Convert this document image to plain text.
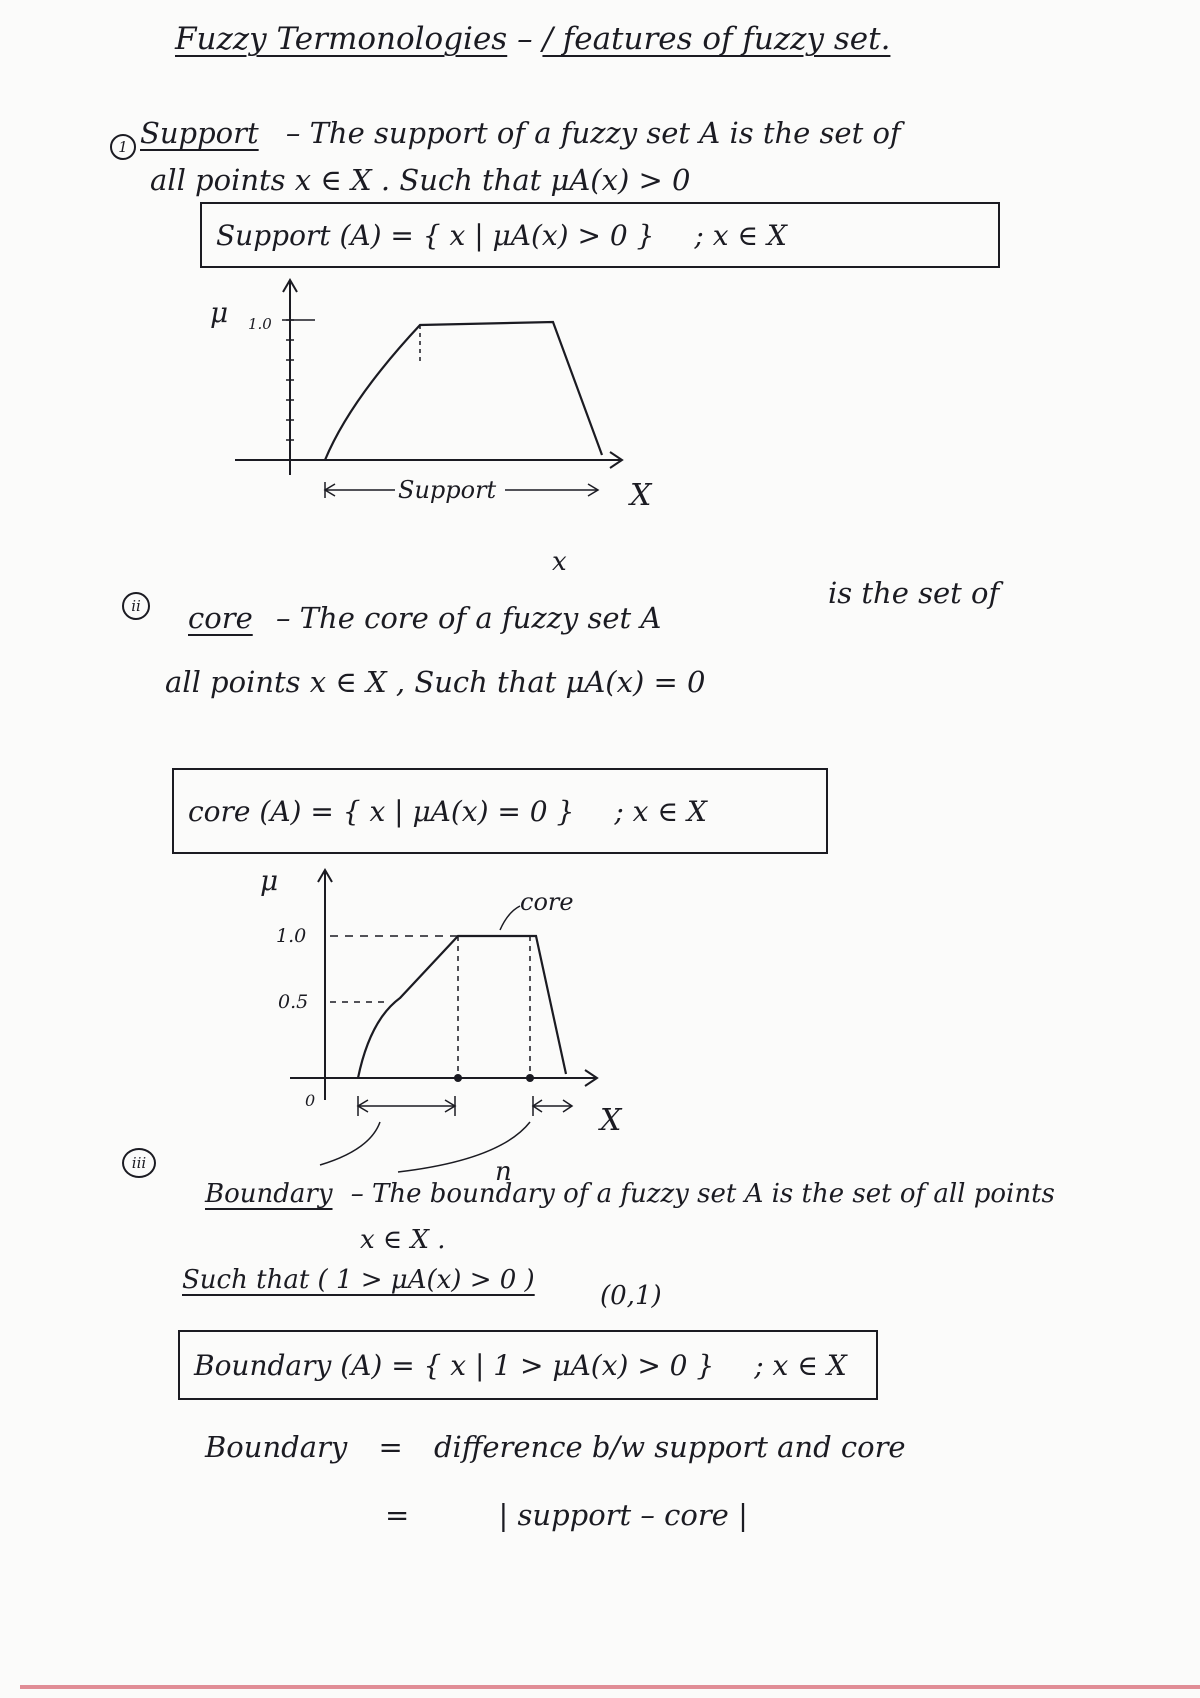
Fuzzy Termonologies – / features of fuzzy set.
1 Support – The support of a fuzzy set A is the set of
all points x ∈ X . Such that μA(x) > 0
Support (A) = { x | μA(x) > 0 } ; x ∈ X
μ 1.0
Support	X
x
ii	core – The core of a fuzzy set A
is the set of
all points x ∈ X , Such that μA(x) = 0
core (A) = { x | μA(x) = 0 } ; x ∈ X
μ
1.0
0.5
0
core
X
n
iii
Boundary – The boundary of a fuzzy set A is the set of all points
x ∈ X .
Such that ( 1 > μA(x) > 0 )
(0,1)
Boundary (A) = { x | 1 > μA(x) > 0 } ; x ∈ X
Boundary = difference b/w support and core
=	| support – core |
